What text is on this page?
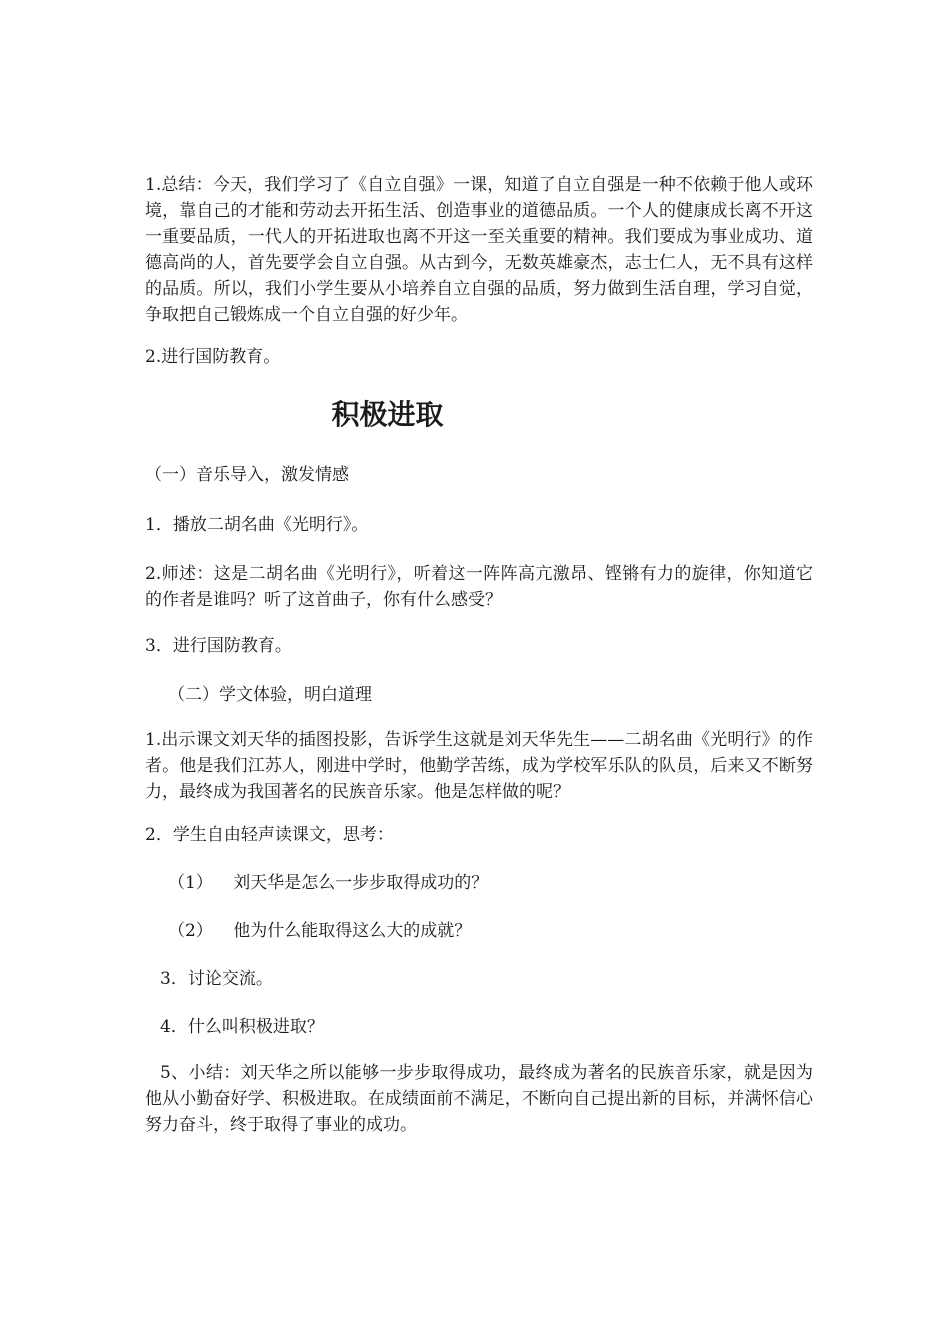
1.总结：今天，我们学习了《自立自强》一课，知道了自立自强是一种不依赖于他人或环境，靠自己的才能和劳动去开拓生活、创造事业的道德品质。一个人的健康成长离不开这一重要品质，一代人的开拓进取也离不开这一至关重要的精神。我们要成为事业成功、道德高尚的人，首先要学会自立自强。从古到今，无数英雄豪杰，志士仁人，无不具有这样的品质。所以，我们小学生要从小培养自立自强的品质，努力做到生活自理，学习自觉，争取把自己锻炼成一个自立自强的好少年。

2.进行国防教育。

积极进取

（一）音乐导入，激发情感

1．播放二胡名曲《光明行》。

2.师述：这是二胡名曲《光明行》，听着这一阵阵高亢激昂、铿锵有力的旋律，你知道它的作者是谁吗？听了这首曲子，你有什么感受？

3．进行国防教育。

（二）学文体验，明白道理

1.出示课文刘天华的插图投影，告诉学生这就是刘天华先生——二胡名曲《光明行》的作者。他是我们江苏人，刚进中学时，他勤学苦练，成为学校军乐队的队员，后来又不断努力，最终成为我国著名的民族音乐家。他是怎样做的呢？

2．学生自由轻声读课文，思考：

（1） 刘天华是怎么一步步取得成功的？

（2） 他为什么能取得这么大的成就？

3．讨论交流。

4．什么叫积极进取？

5、小结：刘天华之所以能够一步步取得成功，最终成为著名的民族音乐家，就是因为他从小勤奋好学、积极进取。在成绩面前不满足，不断向自己提出新的目标，并满怀信心努力奋斗，终于取得了事业的成功。
